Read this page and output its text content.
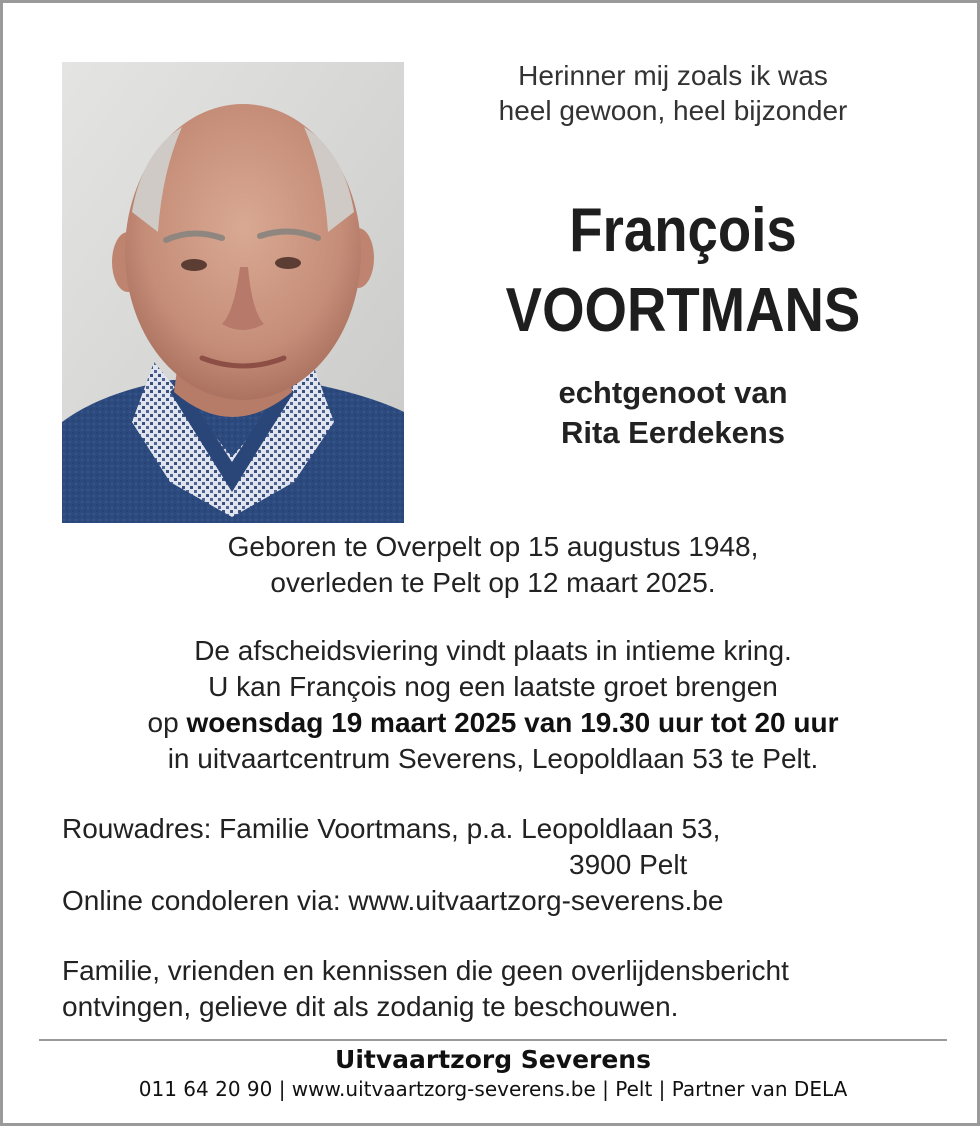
Herinner mij zoals ik was
heel gewoon, heel bijzonder
François
VOORTMANS
echtgenoot van
Rita Eerdekens
Geboren te Overpelt op 15 augustus 1948,
overleden te Pelt op 12 maart 2025.
De afscheidsviering vindt plaats in intieme kring.
U kan François nog een laatste groet brengen
op woensdag 19 maart 2025 van 19.30 uur tot 20 uur
in uitvaartcentrum Severens, Leopoldlaan 53 te Pelt.
Rouwadres: Familie Voortmans, p.a. Leopoldlaan 53,
3900 Pelt
Online condoleren via: www.uitvaartzorg-severens.be
Familie, vrienden en kennissen die geen overlijdensbericht
ontvingen, gelieve dit als zodanig te beschouwen.
Uitvaartzorg Severens
011 64 20 90 | www.uitvaartzorg-severens.be | Pelt | Partner van DELA
